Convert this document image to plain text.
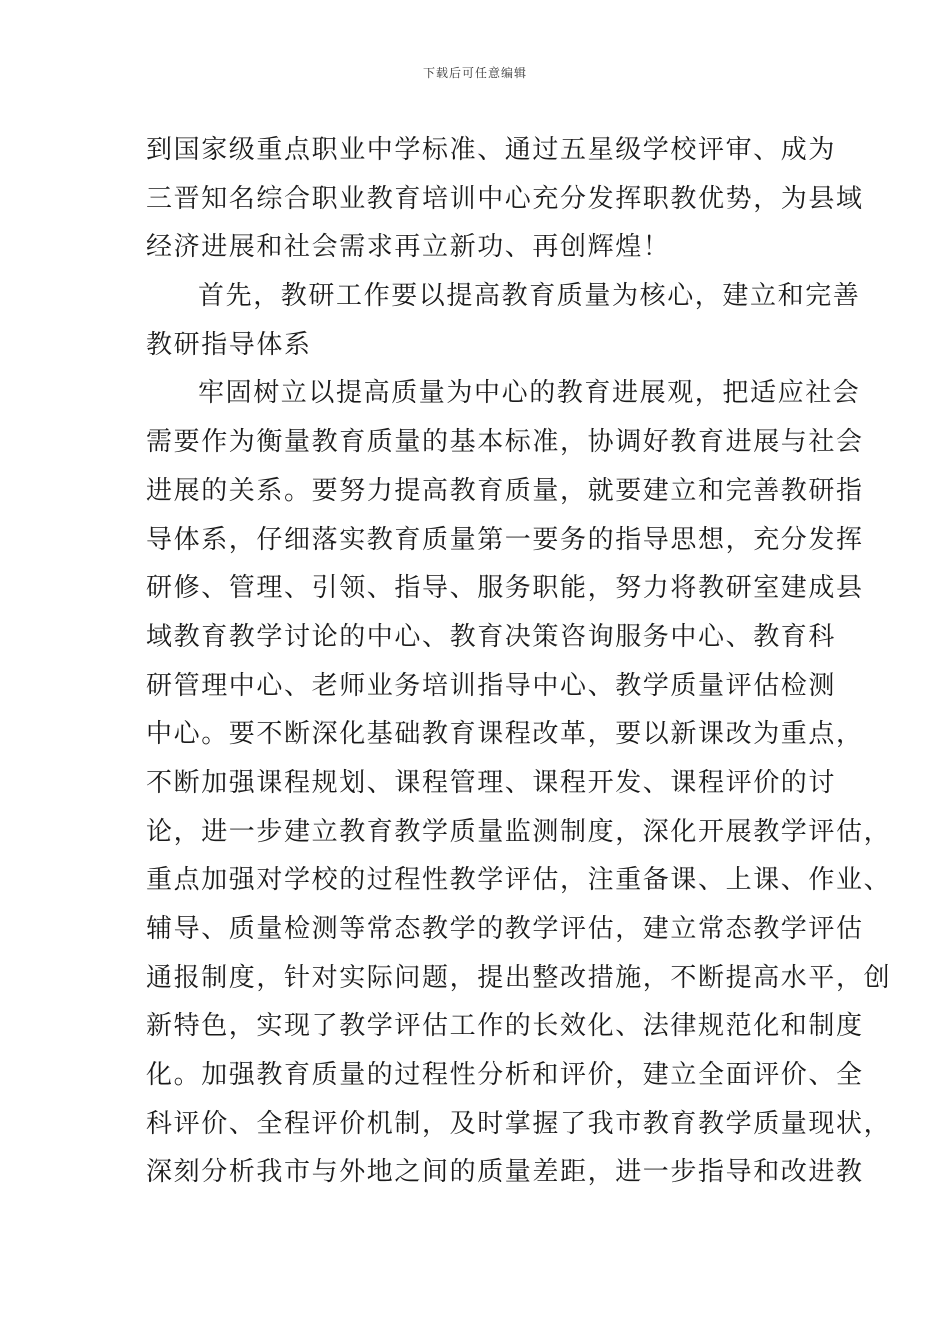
下载后可任意编辑
到国家级重点职业中学标准、通过五星级学校评审、成为
三晋知名综合职业教育培训中心充分发挥职教优势，为县域
经济进展和社会需求再立新功、再创辉煌！
首先，教研工作要以提高教育质量为核心，建立和完善
教研指导体系
牢固树立以提高质量为中心的教育进展观，把适应社会
需要作为衡量教育质量的基本标准，协调好教育进展与社会
进展的关系。要努力提高教育质量，就要建立和完善教研指
导体系，仔细落实教育质量第一要务的指导思想，充分发挥
研修、管理、引领、指导、服务职能，努力将教研室建成县
域教育教学讨论的中心、教育决策咨询服务中心、教育科
研管理中心、老师业务培训指导中心、教学质量评估检测
中心。要不断深化基础教育课程改革，要以新课改为重点，
不断加强课程规划、课程管理、课程开发、课程评价的讨
论，进一步建立教育教学质量监测制度，深化开展教学评估，
重点加强对学校的过程性教学评估，注重备课、上课、作业、
辅导、质量检测等常态教学的教学评估，建立常态教学评估
通报制度，针对实际问题，提出整改措施，不断提高水平，创
新特色，实现了教学评估工作的长效化、法律规范化和制度
化。加强教育质量的过程性分析和评价，建立全面评价、全
科评价、全程评价机制，及时掌握了我市教育教学质量现状，
深刻分析我市与外地之间的质量差距，进一步指导和改进教
